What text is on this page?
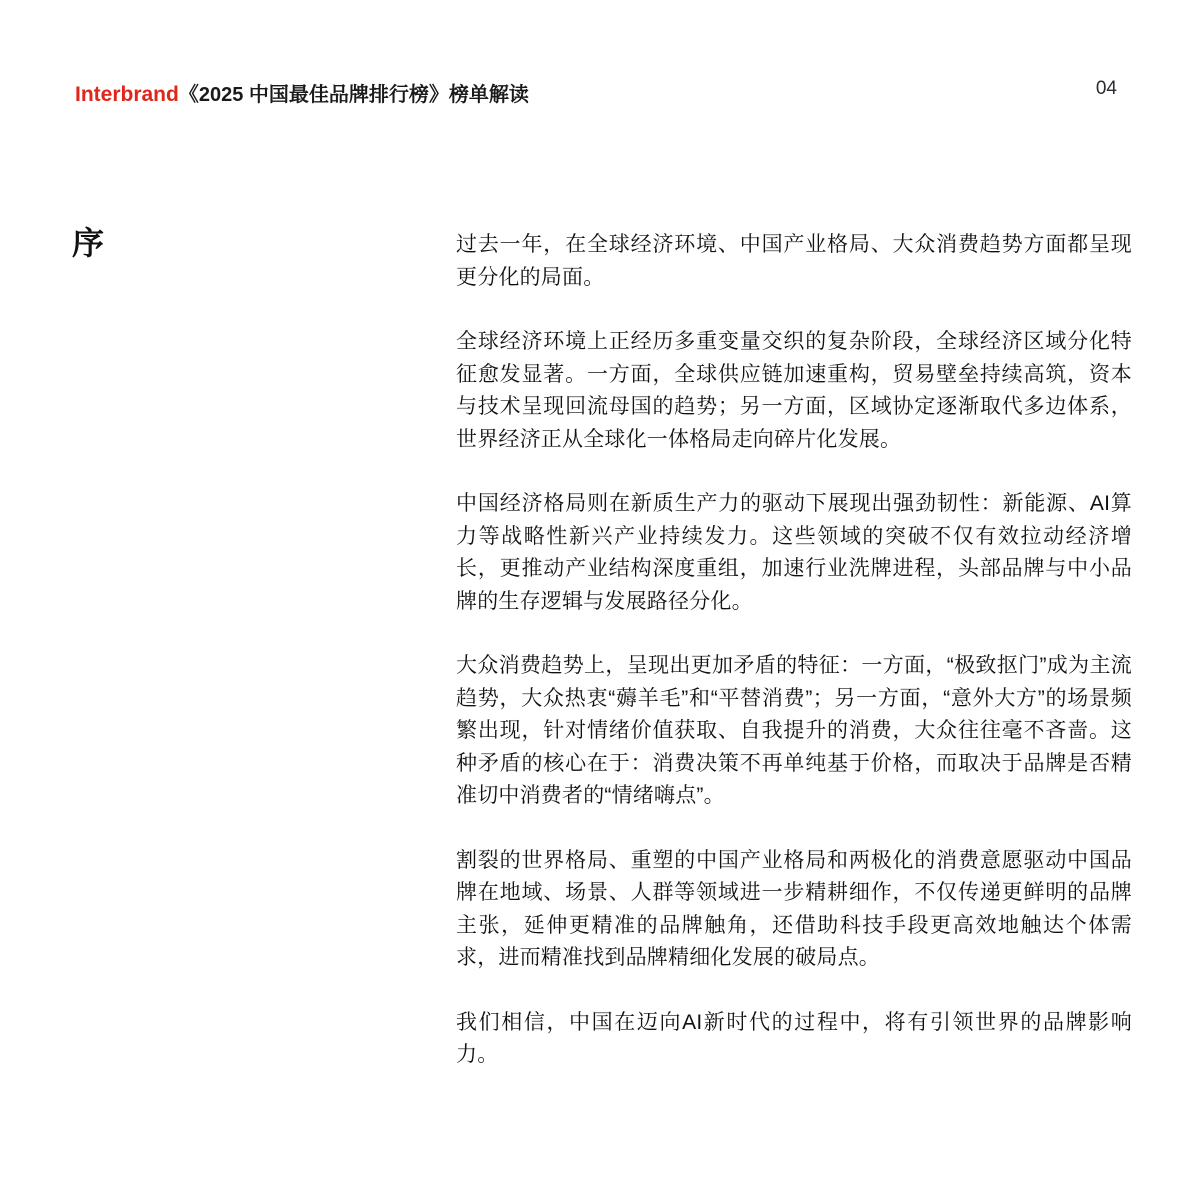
Interbrand 《2025 中国最佳品牌排行榜》榜单解读	04
序	过去一年，在全球经济环境、中国产业格局、大众消费趋势方面都呈现更分化的局面。

全球经济环境上正经历多重变量交织的复杂阶段，全球经济区域分化特征愈发显著。一方面，全球供应链加速重构，贸易壁垒持续高筑，资本与技术呈现回流母国的趋势；另一方面，区域协定逐渐取代多边体系，世界经济正从全球化一体格局走向碎片化发展。

中国经济格局则在新质生产力的驱动下展现出强劲韧性：新能源、AI算力等战略性新兴产业持续发力。这些领域的突破不仅有效拉动经济增长，更推动产业结构深度重组，加速行业洗牌进程，头部品牌与中小品牌的生存逻辑与发展路径分化。

大众消费趋势上，呈现出更加矛盾的特征：一方面，“极致抠门”成为主流趋势，大众热衷“薅羊毛”和“平替消费”；另一方面，“意外大方”的场景频繁出现，针对情绪价值获取、自我提升的消费，大众往往毫不吝啬。这种矛盾的核心在于：消费决策不再单纯基于价格，而取决于品牌是否精准切中消费者的“情绪嗨点”。

割裂的世界格局、重塑的中国产业格局和两极化的消费意愿驱动中国品牌在地域、场景、人群等领域进一步精耕细作，不仅传递更鲜明的品牌主张，延伸更精准的品牌触角，还借助科技手段更高效地触达个体需求，进而精准找到品牌精细化发展的破局点。

我们相信，中国在迈向AI新时代的过程中，将有引领世界的品牌影响力。
